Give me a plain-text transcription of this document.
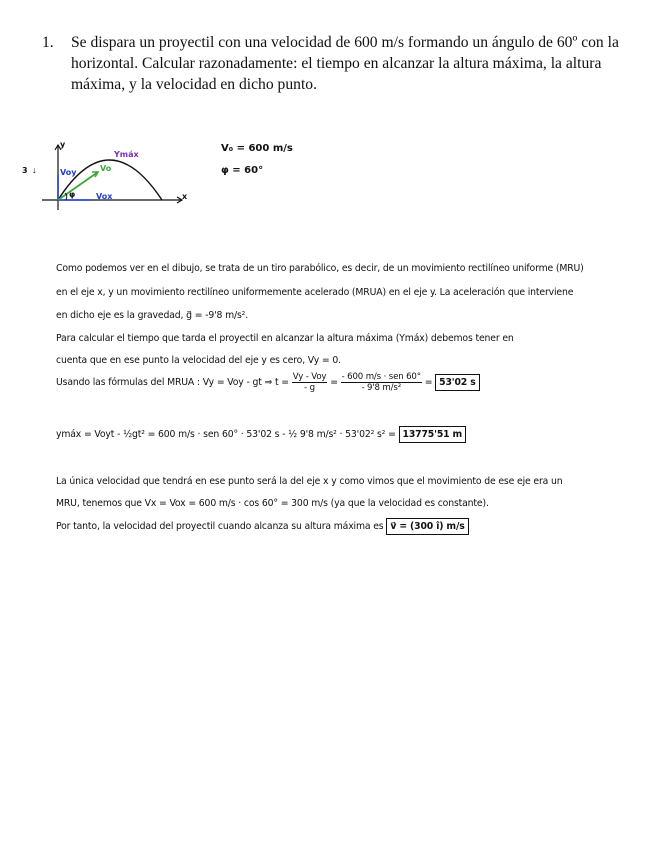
1. Se dispara un proyectil con una velocidad de 600 m/s formando un ángulo de 60º con la horizontal. Calcular razonadamente: el tiempo en alcanzar la altura máxima, la altura máxima, y la velocidad en dicho punto.
y
x
3 ↓
Ymáx
Voy	Vo
Vox
φ
V₀ = 600 m/s
φ = 60°
Como podemos ver en el dibujo, se trata de un tiro parabólico, es decir, de un movimiento rectilíneo uniforme (MRU)
en el eje x, y un movimiento rectilíneo uniformemente acelerado (MRUA) en el eje y. La aceleración que interviene
en dicho eje es la gravedad, g⃗ = -9'8 m/s².
Para calcular el tiempo que tarda el proyectil en alcanzar la altura máxima (Ymáx) debemos tener en
cuenta que en ese punto la velocidad del eje y es cero, Vy = 0.
Usando las fórmulas del MRUA : Vy = Voy - gt ⇒ $t = \frac{\text{Vy - Voy}}{- g} = \frac{\text{- 600 m/s · sen 60°}}{\text{- 9'8 m/s²}} = 53'02$ s
ymáx = Voyt - ½gt² = 600 m/s · sen 60° · 53'02 s - ½ 9'8 m/s² · 53'02² s² = 13775'51 m
La única velocidad que tendrá en ese punto será la del eje x y como vimos que el movimiento de ese eje era un
MRU, tenemos que Vx = Vox = 600 m/s · cos 60° = 300 m/s (ya que la velocidad es constante).
Por tanto, la velocidad del proyectil cuando alcanza su altura máxima es v⃗ = (300 î) m/s
